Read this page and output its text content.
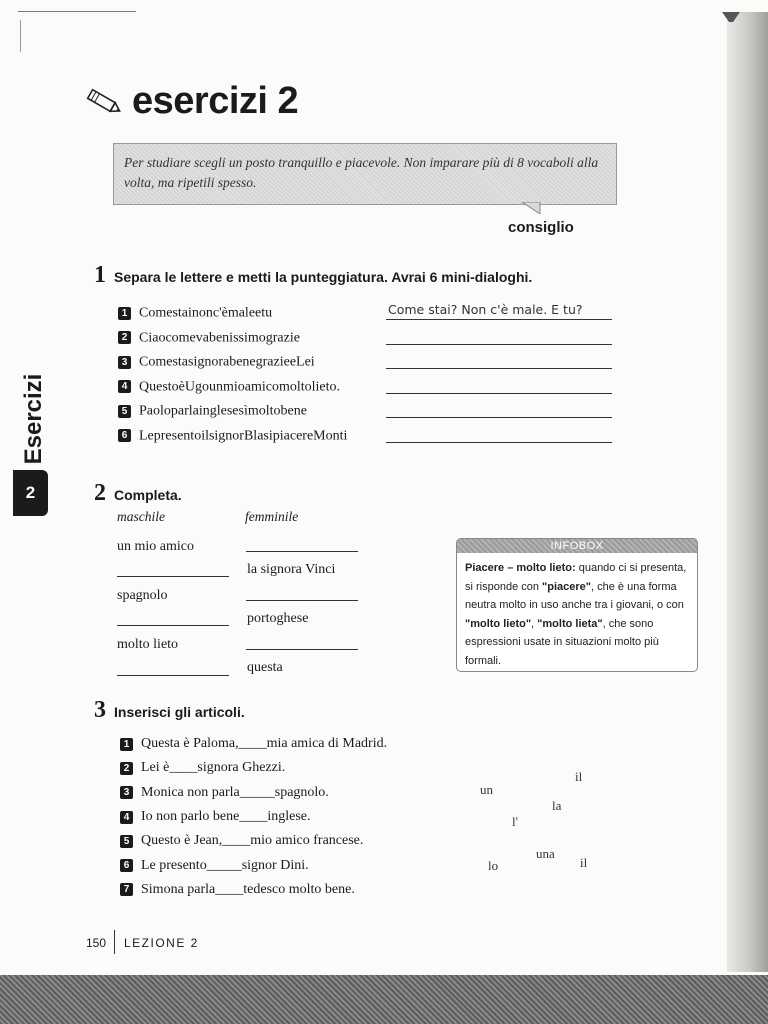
esercizi 2
Per studiare scegli un posto tranquillo e piacevole. Non imparare più di 8 vocaboli alla volta, ma ripetili spesso.
consiglio
Esercizi
2
1 Separa le lettere e metti la punteggiatura. Avrai 6 mini-dialoghi.
1 Comestainonc'èmaleetu	Come stai? Non c'è male. E tu?
2 Ciaocomevabenissimograzie
3 ComestasignorabenegrazieeLei
4 QuestoèUgounmioamicomoltolieto.
5 Paoloparlainglesesìmoltobene
6 LepresentoilsignorBlasipiacereMonti
2 Completa.
maschile	femminile
un mio amico
la signora Vinci
spagnolo
portoghese
molto lieto
questa
INFOBOX
Piacere – molto lieto: quando ci si presenta, si risponde con "piacere", che è una forma neutra molto in uso anche tra i giovani, o con "molto lieto", "molto lieta", che sono espressioni usate in situazioni molto più formali.
3 Inserisci gli articoli.
1 Questa è Paloma, ____ mia amica di Madrid.
2 Lei è ____ signora Ghezzi.
3 Monica non parla _____ spagnolo.
4 Io non parlo bene ____ inglese.
5 Questo è Jean, ____ mio amico francese.
6 Le presento _____ signor Dini.
7 Simona parla ____ tedesco molto bene.
il
un
la
l'
una
il
lo
150 LEZIONE 2
